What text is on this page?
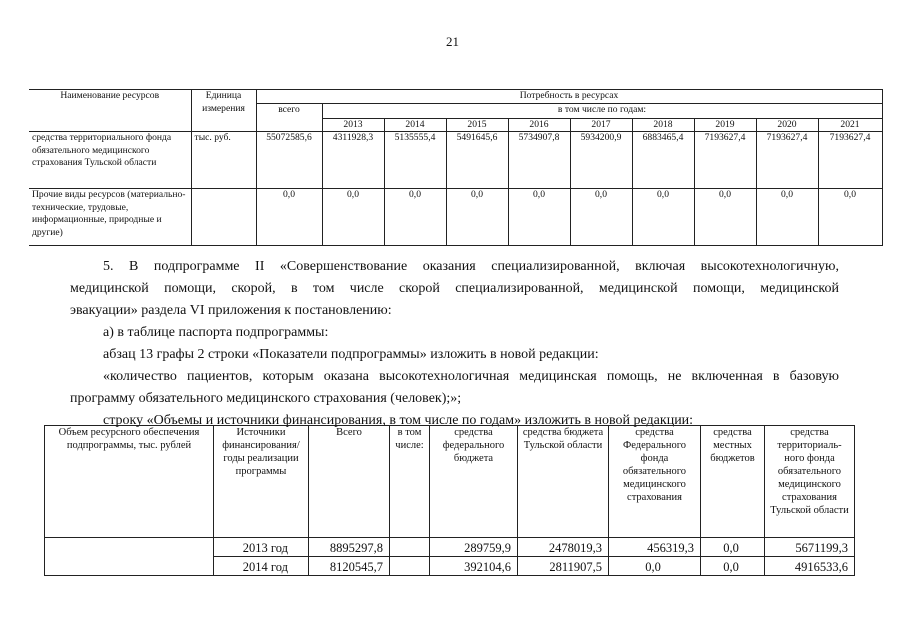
21
Наименование ресурсов	Единица измерения	Потребность в ресурсах									
		всего	в том числе по годам:								
			2013	2014	2015	2016	2017	2018	2019	2020	2021
средства территориального фонда обязательного медицинского страхования Тульской области	тыс. руб.	55072585,6	4311928,3	5135555,4	5491645,6	5734907,8	5934200,9	6883465,4	7193627,4	7193627,4	7193627,4
Прочие виды ресурсов (материально-технические, трудовые, информационные, природные и другие)		0,0	0,0	0,0	0,0	0,0	0,0	0,0	0,0	0,0	0,0

5. В подпрограмме II «Совершенствование оказания специализированной, включая высокотехнологичную,

медицинской помощи, скорой, в том числе скорой специализированной, медицинской помощи, медицинской

эвакуации» раздела VI приложения к постановлению:

а) в таблице паспорта подпрограммы:

абзац 13 графы 2 строки «Показатели подпрограммы» изложить в новой редакции:

«количество пациентов, которым оказана высокотехнологичная медицинская помощь, не включенная в базовую

программу обязательного медицинского страхования (человек);»;

строку «Объемы и источники финансирования, в том числе по годам» изложить в новой редакции:

Объем ресурсного обеспечения подпрограммы, тыс. рублей	Источники финансирования/ годы реализации программы	Всего	в том числе:	средства федерального бюджета	средства бюджета Тульской области	средства Федерального фонда обязательного медицинского страхования	средства местных бюджетов	средства территориаль-ного фонда обязательного медицинского страхования Тульской области
	2013 год	8895297,8		289759,9	2478019,3	456319,3	0,0	5671199,3
	2014 год	8120545,7		392104,6	2811907,5	0,0	0,0	4916533,6
